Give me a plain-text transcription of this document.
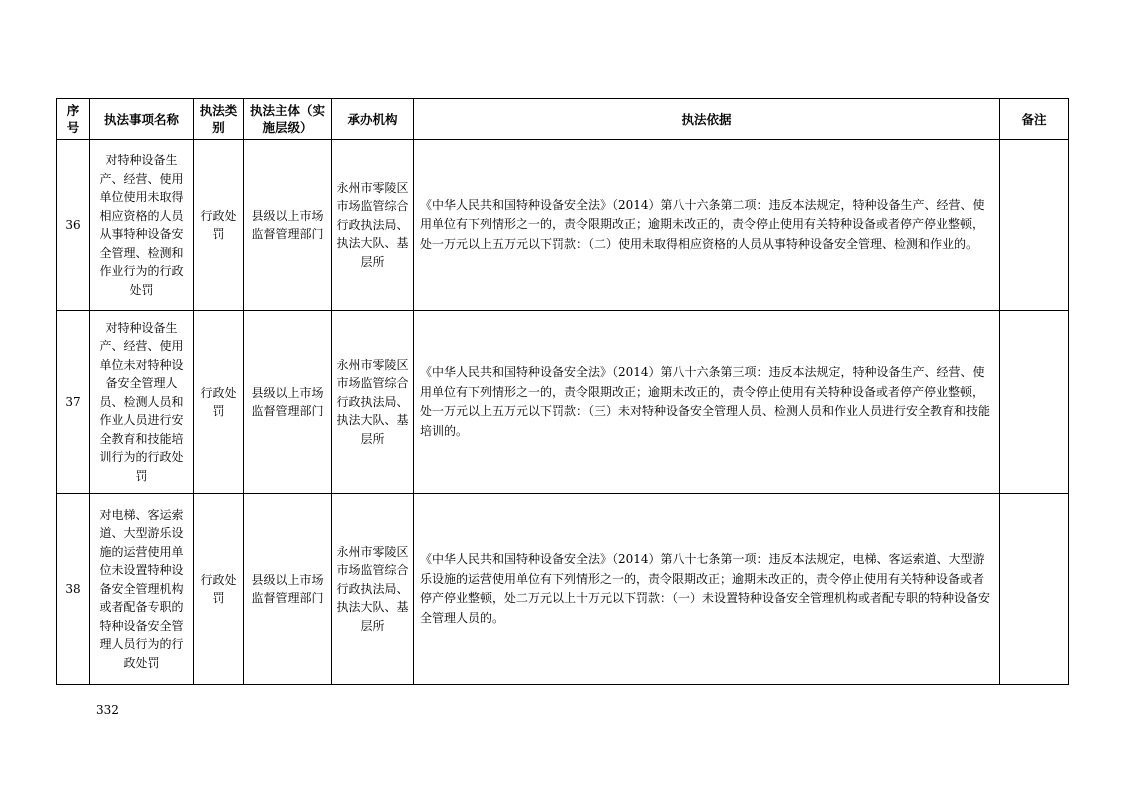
序号	执法事项名称	执法类别	执法主体（实施层级）	承办机构	执法依据	备注
36	对特种设备生产、经营、使用单位使用未取得相应资格的人员从事特种设备安全管理、检测和作业行为的行政处罚	行政处罚	县级以上市场监督管理部门	永州市零陵区市场监管综合行政执法局、执法大队、基层所	《中华人民共和国特种设备安全法》（2014）第八十六条第二项：违反本法规定，特种设备生产、经营、使用单位有下列情形之一的，责令限期改正；逾期未改正的，责令停止使用有关特种设备或者停产停业整顿，处一万元以上五万元以下罚款：（二）使用未取得相应资格的人员从事特种设备安全管理、检测和作业的。	
37	对特种设备生产、经营、使用单位未对特种设备安全管理人员、检测人员和作业人员进行安全教育和技能培训行为的行政处罚	行政处罚	县级以上市场监督管理部门	永州市零陵区市场监管综合行政执法局、执法大队、基层所	《中华人民共和国特种设备安全法》（2014）第八十六条第三项：违反本法规定，特种设备生产、经营、使用单位有下列情形之一的，责令限期改正；逾期未改正的，责令停止使用有关特种设备或者停产停业整顿，处一万元以上五万元以下罚款：（三）未对特种设备安全管理人员、检测人员和作业人员进行安全教育和技能培训的。	
38	对电梯、客运索道、大型游乐设施的运营使用单位未设置特种设备安全管理机构或者配备专职的特种设备安全管理人员行为的行政处罚	行政处罚	县级以上市场监督管理部门	永州市零陵区市场监管综合行政执法局、执法大队、基层所	《中华人民共和国特种设备安全法》（2014）第八十七条第一项：违反本法规定，电梯、客运索道、大型游乐设施的运营使用单位有下列情形之一的，责令限期改正；逾期未改正的，责令停止使用有关特种设备或者停产停业整顿，处二万元以上十万元以下罚款：（一）未设置特种设备安全管理机构或者配专职的特种设备安全管理人员的。	
332
